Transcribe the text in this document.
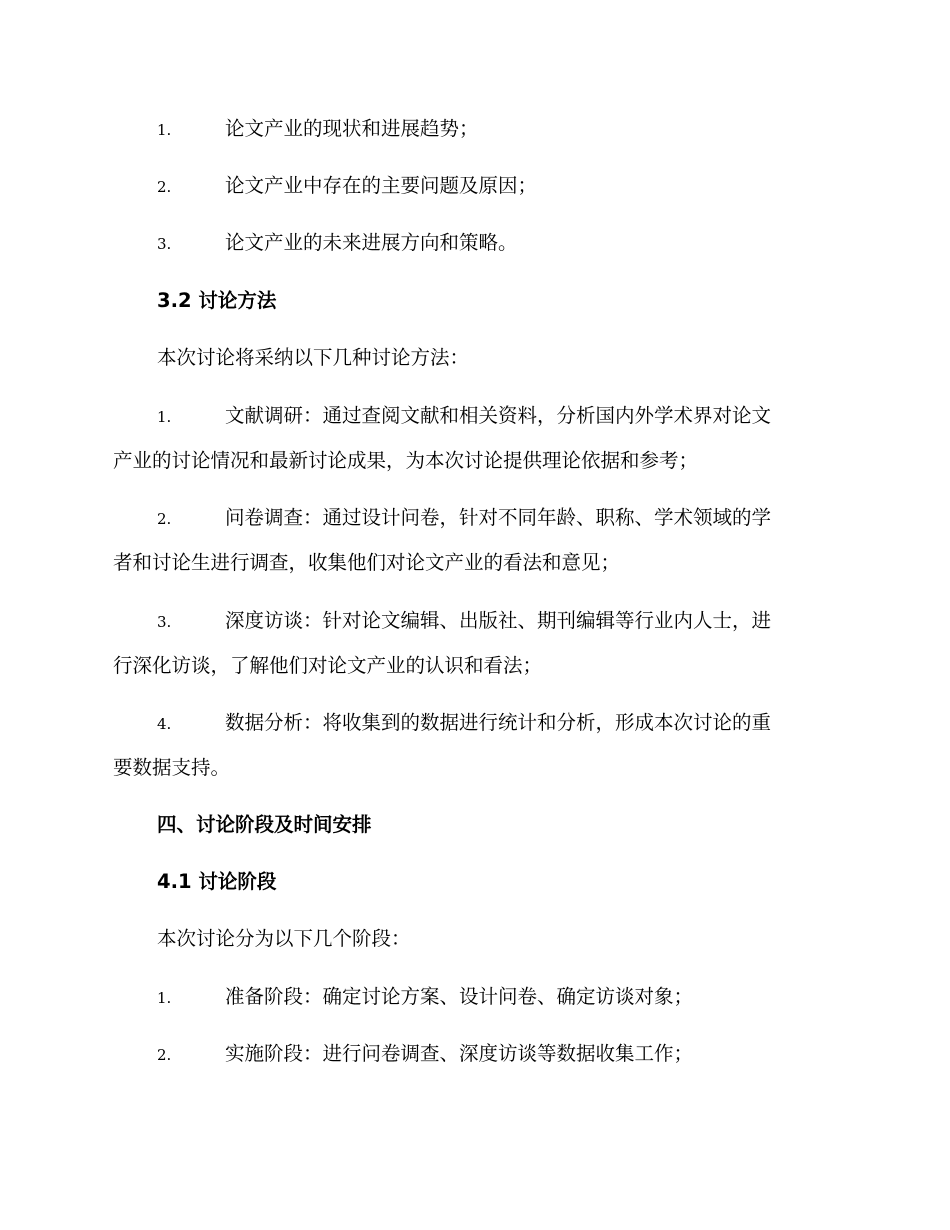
1.	论文产业的现状和进展趋势；
2.	论文产业中存在的主要问题及原因；
3.	论文产业的未来进展方向和策略。
3.2 讨论方法
本次讨论将采纳以下几种讨论方法：
1.	文献调研：通过查阅文献和相关资料，分析国内外学术界对论文
产业的讨论情况和最新讨论成果，为本次讨论提供理论依据和参考；
2.	问卷调查：通过设计问卷，针对不同年龄、职称、学术领域的学
者和讨论生进行调查，收集他们对论文产业的看法和意见；
3.	深度访谈：针对论文编辑、出版社、期刊编辑等行业内人士，进
行深化访谈，了解他们对论文产业的认识和看法；
4.	数据分析：将收集到的数据进行统计和分析，形成本次讨论的重
要数据支持。
四、讨论阶段及时间安排
4.1 讨论阶段
本次讨论分为以下几个阶段：
1.	准备阶段：确定讨论方案、设计问卷、确定访谈对象；
2.	实施阶段：进行问卷调查、深度访谈等数据收集工作；
